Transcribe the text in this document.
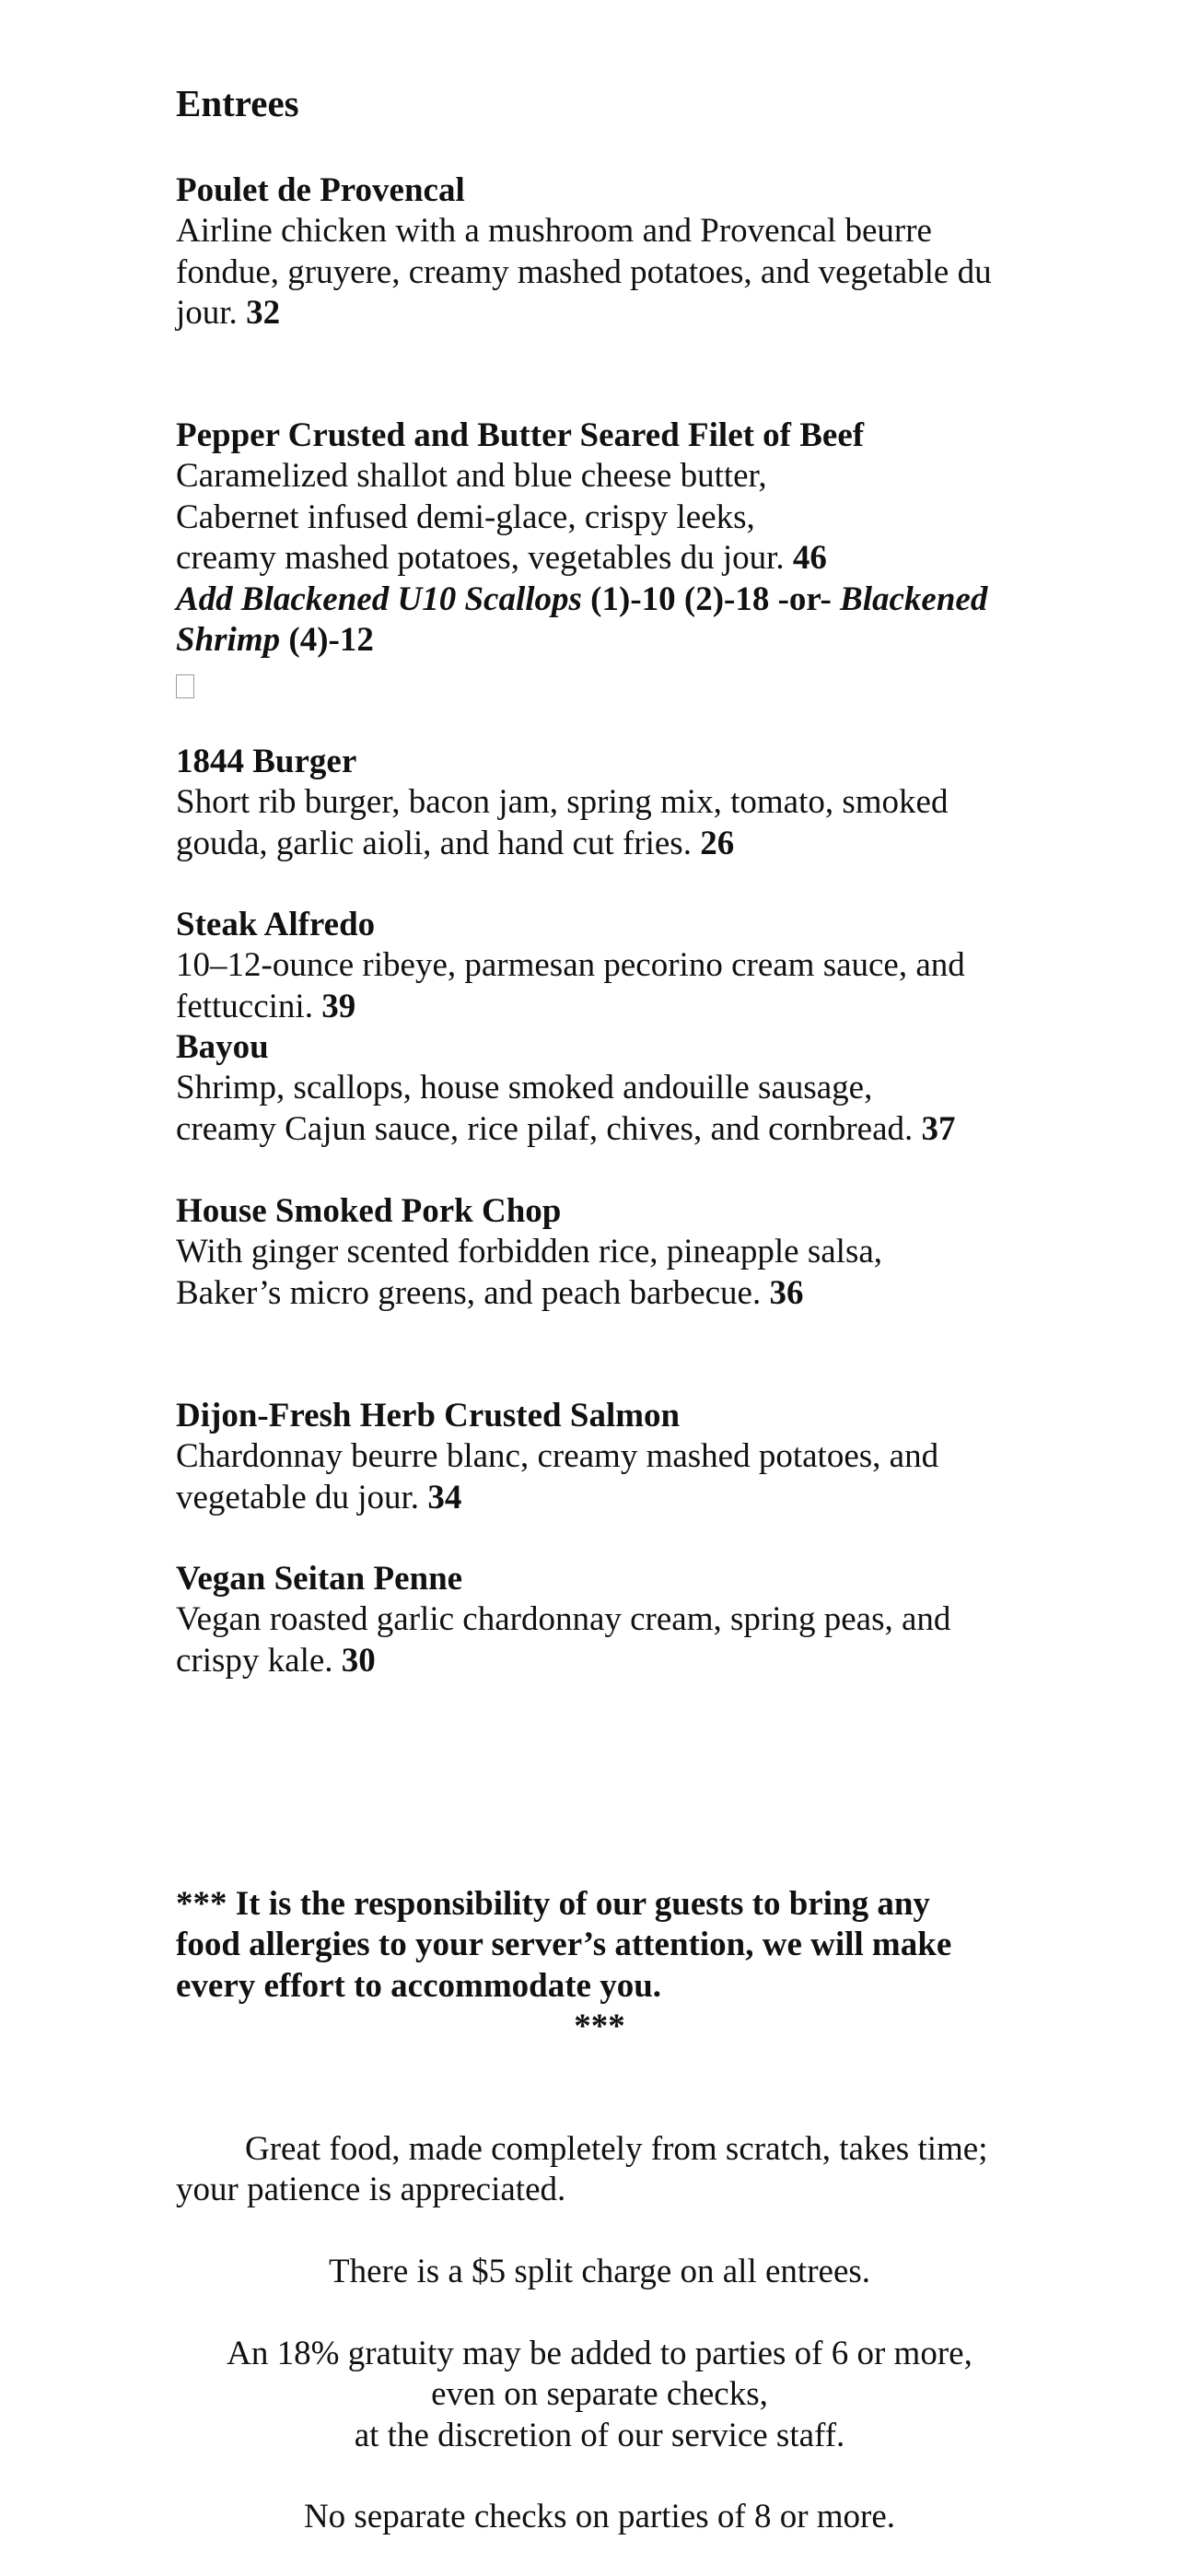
Entrees
Poulet de Provencal
Airline chicken with a mushroom and Provencal beurre
fondue, gruyere, creamy mashed potatoes, and vegetable du
jour. 32
Pepper Crusted and Butter Seared Filet of Beef
Caramelized shallot and blue cheese butter,
Cabernet infused demi-glace, crispy leeks,
creamy mashed potatoes, vegetables du jour. 46
Add Blackened U10 Scallops (1)-10 (2)-18 -or- Blackened
Shrimp (4)-12
1844 Burger
Short rib burger, bacon jam, spring mix, tomato, smoked
gouda, garlic aioli, and hand cut fries. 26
Steak Alfredo
10–12-ounce ribeye, parmesan pecorino cream sauce, and
fettuccini. 39
Bayou
Shrimp, scallops, house smoked andouille sausage,
creamy Cajun sauce, rice pilaf, chives, and cornbread. 37
House Smoked Pork Chop
With ginger scented forbidden rice, pineapple salsa,
Baker’s micro greens, and peach barbecue. 36
Dijon-Fresh Herb Crusted Salmon
Chardonnay beurre blanc, creamy mashed potatoes, and
vegetable du jour. 34
Vegan Seitan Penne
Vegan roasted garlic chardonnay cream, spring peas, and
crispy kale. 30
*** It is the responsibility of our guests to bring any
food allergies to your server’s attention, we will make
every effort to accommodate you.
***
Great food, made completely from scratch, takes time;
your patience is appreciated.
There is a $5 split charge on all entrees.
An 18% gratuity may be added to parties of 6 or more,
even on separate checks,
at the discretion of our service staff.
No separate checks on parties of 8 or more.
